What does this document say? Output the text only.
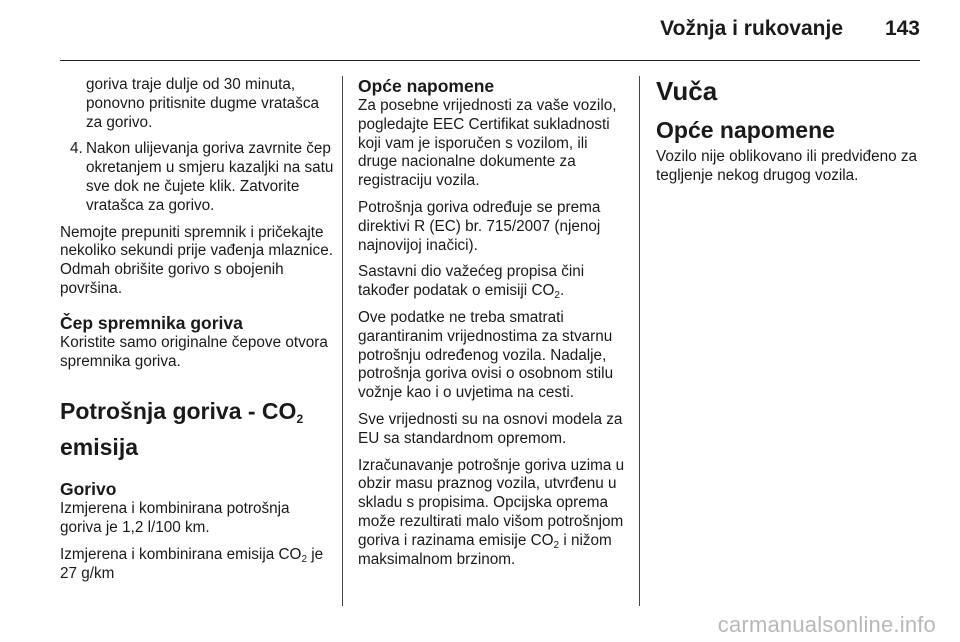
Vožnja i rukovanje 143

goriva traje dulje od 30 minuta, ponovno pritisnite dugme vratašca za gorivo.

4. Nakon ulijevanja goriva zavrnite čep okretanjem u smjeru kazaljki na satu sve dok ne čujete klik. Zatvorite vratašca za gorivo.

Nemojte prepuniti spremnik i pričekajte nekoliko sekundi prije vađenja mlaznice. Odmah obrišite gorivo s obojenih površina.

Čep spremnika goriva

Koristite samo originalne čepove otvora spremnika goriva.

Potrošnja goriva - $CO_2$
emisija
Gorivo

Izmjerena i kombinirana potrošnja goriva je 1,2 l/100 km.

Izmjerena i kombinirana emisija $CO_2$ je 27 g/km

Opće napomene

Za posebne vrijednosti za vaše vozilo, pogledajte EEC Certifikat sukladnosti koji vam je isporučen s vozilom, ili druge nacionalne dokumente za registraciju vozila.

Potrošnja goriva određuje se prema direktivi R (EC) br. 715/2007 (njenoj najnovijoj inačici).

Sastavni dio važećeg propisa čini također podatak o emisiji $CO_2$.

Ove podatke ne treba smatrati garantiranim vrijednostima za stvarnu potrošnju određenog vozila. Nadalje, potrošnja goriva ovisi o osobnom stilu vožnje kao i o uvjetima na cesti.

Sve vrijednosti su na osnovi modela za EU sa standardnom opremom.

Izračunavanje potrošnje goriva uzima u obzir masu praznog vozila, utvrđenu u skladu s propisima. Opcijska oprema može rezultirati malo višom potrošnjom goriva i razinama emisije $CO_2$ i nižom maksimalnom brzinom.

Vuča
Opće napomene

Vozilo nije oblikovano ili predviđeno za tegljenje nekog drugog vozila.

carmanualsonline.info
